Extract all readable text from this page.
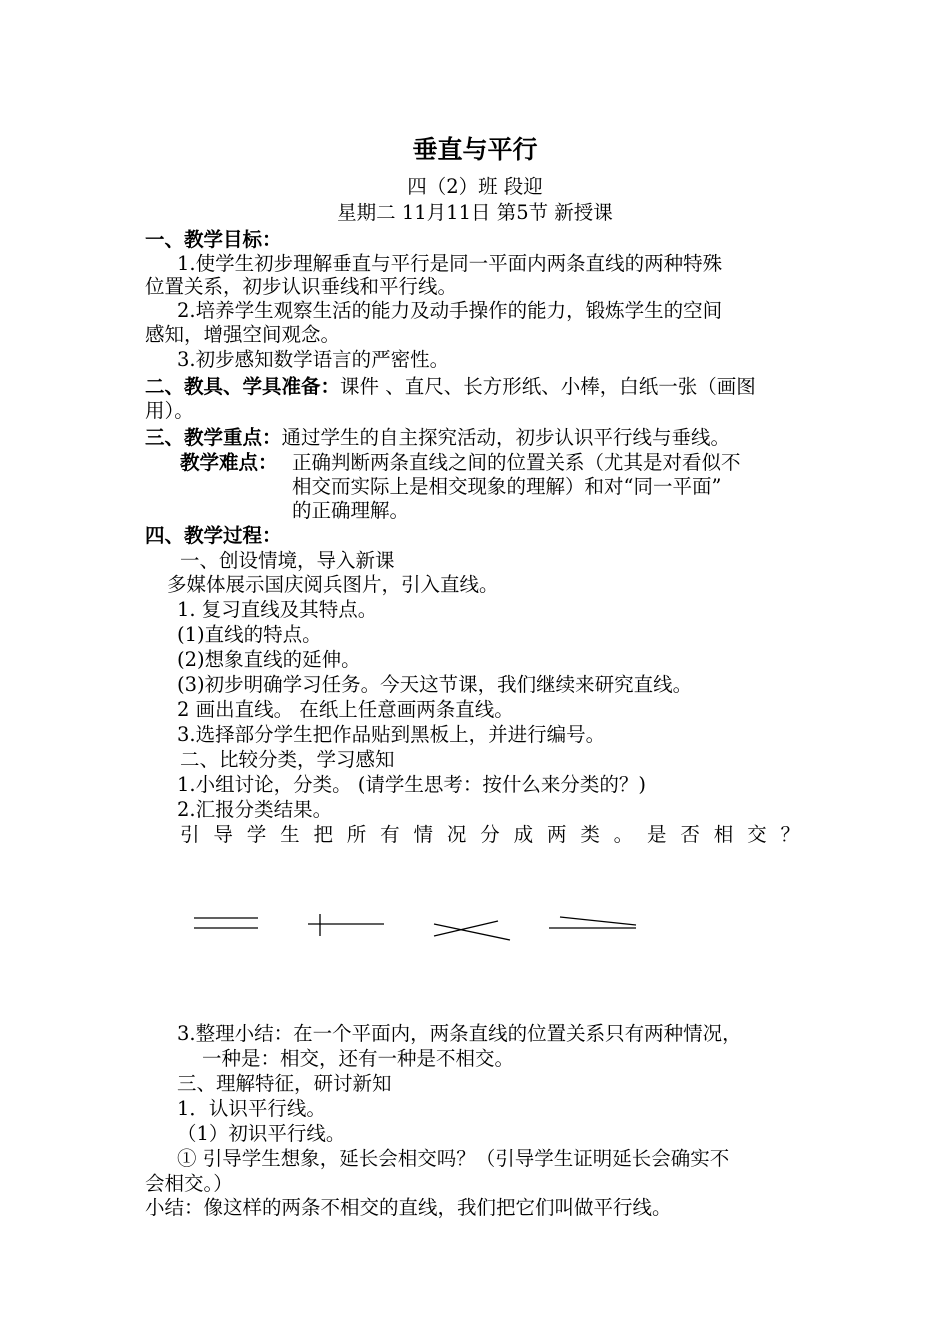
垂直与平行
四（2）班 段迎
星期二 11月11日 第5节 新授课
一、教学目标：
1.使学生初步理解垂直与平行是同一平面内两条直线的两种特殊
位置关系，初步认识垂线和平行线。
2.培养学生观察生活的能力及动手操作的能力，锻炼学生的空间
感知，增强空间观念。
3.初步感知数学语言的严密性。
二、教具、学具准备：课件 、直尺、长方形纸、小棒，白纸一张（画图
用）。
三、教学重点：通过学生的自主探究活动，初步认识平行线与垂线。
教学难点： 正确判断两条直线之间的位置关系（尤其是对看似不
相交而实际上是相交现象的理解）和对“同一平面”
的正确理解。
四、教学过程：
一、创设情境，导入新课
多媒体展示国庆阅兵图片，引入直线。
1. 复习直线及其特点。
(1)直线的特点。
(2)想象直线的延伸。
(3)初步明确学习任务。今天这节课，我们继续来研究直线。
2 画出直线。 在纸上任意画两条直线。
3.选择部分学生把作品贴到黑板上，并进行编号。
二、比较分类，学习感知
1.小组讨论，分类。 (请学生思考：按什么来分类的？)
2.汇报分类结果。
引 导 学 生 把 所 有 情 况 分 成 两 类 。 是 否 相 交 ？
3.整理小结：在一个平面内，两条直线的位置关系只有两种情况，
一种是：相交，还有一种是不相交。
三、理解特征，研讨新知
1．认识平行线。
（1）初识平行线。
① 引导学生想象，延长会相交吗？（引导学生证明延长会确实不
会相交。）
小结：像这样的两条不相交的直线，我们把它们叫做平行线。
